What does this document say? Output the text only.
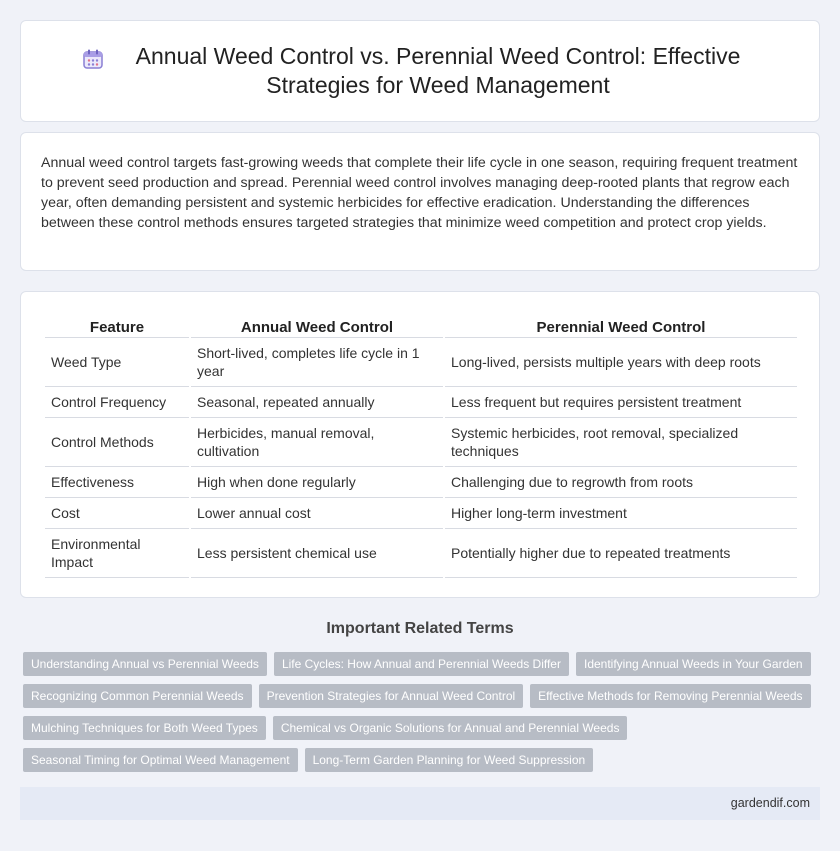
Annual Weed Control vs. Perennial Weed Control: Effective Strategies for Weed Management

Annual weed control targets fast-growing weeds that complete their life cycle in one season, requiring frequent treatment to prevent seed production and spread. Perennial weed control involves managing deep-rooted plants that regrow each year, often demanding persistent and systemic herbicides for effective eradication. Understanding the differences between these control methods ensures targeted strategies that minimize weed competition and protect crop yields.

Feature	Annual Weed Control	Perennial Weed Control
Weed Type	Short-lived, completes life cycle in 1 year	Long-lived, persists multiple years with deep roots
Control Frequency	Seasonal, repeated annually	Less frequent but requires persistent treatment
Control Methods	Herbicides, manual removal, cultivation	Systemic herbicides, root removal, specialized techniques
Effectiveness	High when done regularly	Challenging due to regrowth from roots
Cost	Lower annual cost	Higher long-term investment
Environmental Impact	Less persistent chemical use	Potentially higher due to repeated treatments
Important Related Terms
Understanding Annual vs Perennial Weeds	Life Cycles: How Annual and Perennial Weeds Differ	Identifying Annual Weeds in Your Garden
Recognizing Common Perennial Weeds	Prevention Strategies for Annual Weed Control	Effective Methods for Removing Perennial Weeds
Mulching Techniques for Both Weed Types	Chemical vs Organic Solutions for Annual and Perennial Weeds
Seasonal Timing for Optimal Weed Management	Long-Term Garden Planning for Weed Suppression
gardendif.com
